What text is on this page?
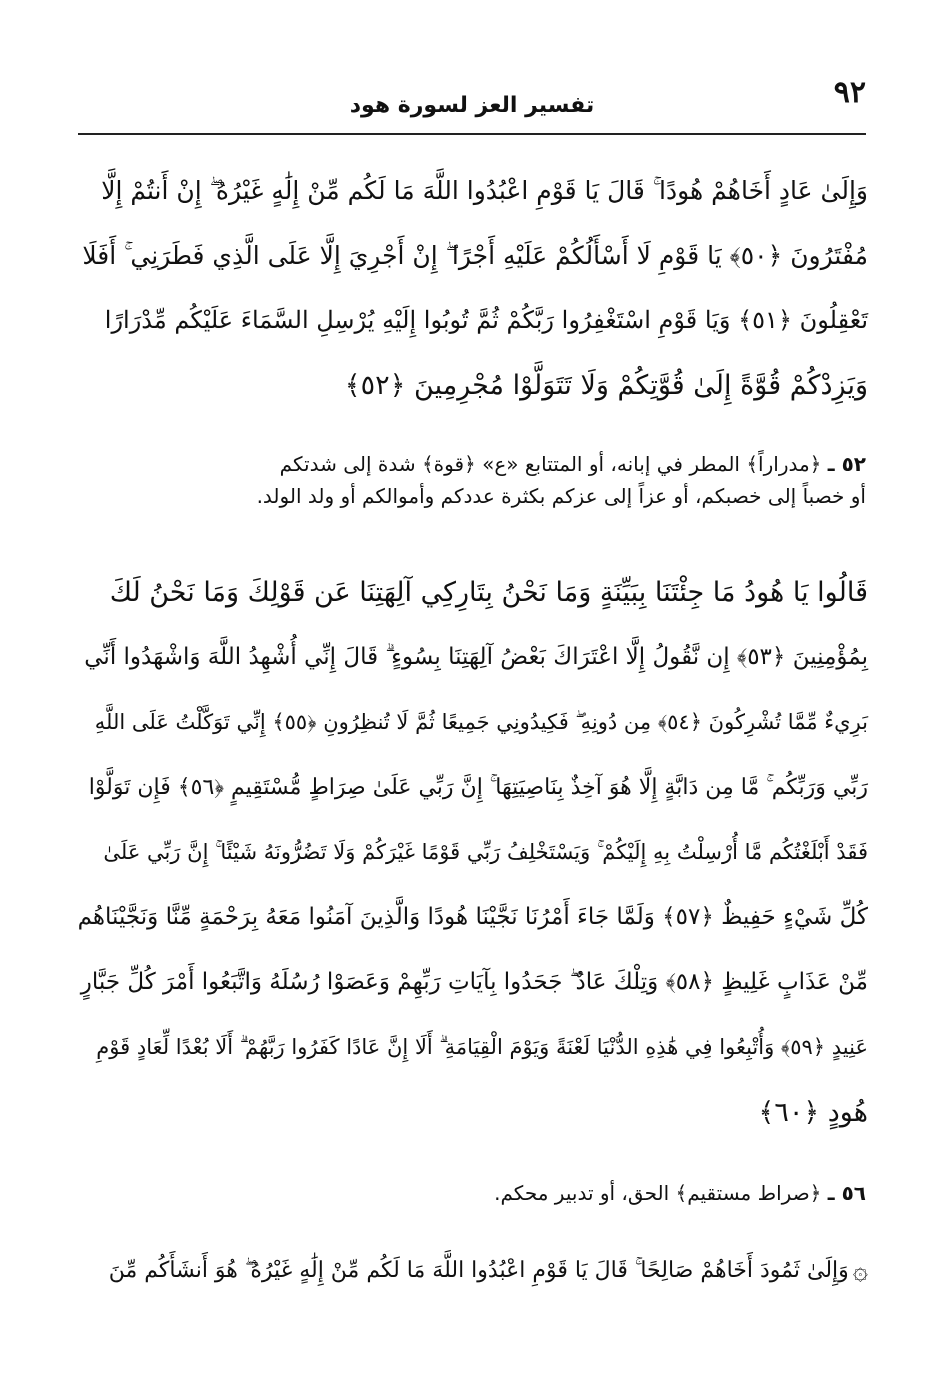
٩٢
تفسير العز لسورة هود
وَإِلَىٰ عَادٍ أَخَاهُمْ هُودًا ۚ قَالَ يَا قَوْمِ اعْبُدُوا اللَّهَ مَا لَكُم مِّنْ إِلَٰهٍ غَيْرُهُ ۖ إِنْ أَنتُمْ إِلَّا
مُفْتَرُونَ ﴿٥٠﴾ يَا قَوْمِ لَا أَسْأَلُكُمْ عَلَيْهِ أَجْرًا ۖ إِنْ أَجْرِيَ إِلَّا عَلَى الَّذِي فَطَرَنِي ۚ أَفَلَا
تَعْقِلُونَ ﴿٥١﴾ وَيَا قَوْمِ اسْتَغْفِرُوا رَبَّكُمْ ثُمَّ تُوبُوا إِلَيْهِ يُرْسِلِ السَّمَاءَ عَلَيْكُم مِّدْرَارًا
وَيَزِدْكُمْ قُوَّةً إِلَىٰ قُوَّتِكُمْ وَلَا تَتَوَلَّوْا مُجْرِمِينَ ﴿٥٢﴾
٥٢ ـ ﴿مدراراً﴾ المطر في إبانه، أو المتتابع «ع» ﴿قوة﴾ شدة إلى شدتكم
أو خصباً إلى خصبكم، أو عزاً إلى عزكم بكثرة عددكم وأموالكم أو ولد الولد.
قَالُوا يَا هُودُ مَا جِئْتَنَا بِبَيِّنَةٍ وَمَا نَحْنُ بِتَارِكِي آلِهَتِنَا عَن قَوْلِكَ وَمَا نَحْنُ لَكَ
بِمُؤْمِنِينَ ﴿٥٣﴾ إِن نَّقُولُ إِلَّا اعْتَرَاكَ بَعْضُ آلِهَتِنَا بِسُوءٍ ۗ قَالَ إِنِّي أُشْهِدُ اللَّهَ وَاشْهَدُوا أَنِّي
بَرِيءٌ مِّمَّا تُشْرِكُونَ ﴿٥٤﴾ مِن دُونِهِ ۖ فَكِيدُونِي جَمِيعًا ثُمَّ لَا تُنظِرُونِ ﴿٥٥﴾ إِنِّي تَوَكَّلْتُ عَلَى اللَّهِ
رَبِّي وَرَبِّكُم ۚ مَّا مِن دَابَّةٍ إِلَّا هُوَ آخِذٌ بِنَاصِيَتِهَا ۚ إِنَّ رَبِّي عَلَىٰ صِرَاطٍ مُّسْتَقِيمٍ ﴿٥٦﴾ فَإِن تَوَلَّوْا
فَقَدْ أَبْلَغْتُكُم مَّا أُرْسِلْتُ بِهِ إِلَيْكُمْ ۚ وَيَسْتَخْلِفُ رَبِّي قَوْمًا غَيْرَكُمْ وَلَا تَضُرُّونَهُ شَيْئًا ۚ إِنَّ رَبِّي عَلَىٰ
كُلِّ شَيْءٍ حَفِيظٌ ﴿٥٧﴾ وَلَمَّا جَاءَ أَمْرُنَا نَجَّيْنَا هُودًا وَالَّذِينَ آمَنُوا مَعَهُ بِرَحْمَةٍ مِّنَّا وَنَجَّيْنَاهُم
مِّنْ عَذَابٍ غَلِيظٍ ﴿٥٨﴾ وَتِلْكَ عَادٌ ۖ جَحَدُوا بِآيَاتِ رَبِّهِمْ وَعَصَوْا رُسُلَهُ وَاتَّبَعُوا أَمْرَ كُلِّ جَبَّارٍ
عَنِيدٍ ﴿٥٩﴾ وَأُتْبِعُوا فِي هَٰذِهِ الدُّنْيَا لَعْنَةً وَيَوْمَ الْقِيَامَةِ ۗ أَلَا إِنَّ عَادًا كَفَرُوا رَبَّهُمْ ۗ أَلَا بُعْدًا لِّعَادٍ قَوْمِ
هُودٍ ﴿٦٠﴾
٥٦ ـ ﴿صراط مستقيم﴾ الحق، أو تدبير محكم.
۞وَإِلَىٰ ثَمُودَ أَخَاهُمْ صَالِحًا ۚ قَالَ يَا قَوْمِ اعْبُدُوا اللَّهَ مَا لَكُم مِّنْ إِلَٰهٍ غَيْرُهُ ۖ هُوَ أَنشَأَكُم مِّنَ
